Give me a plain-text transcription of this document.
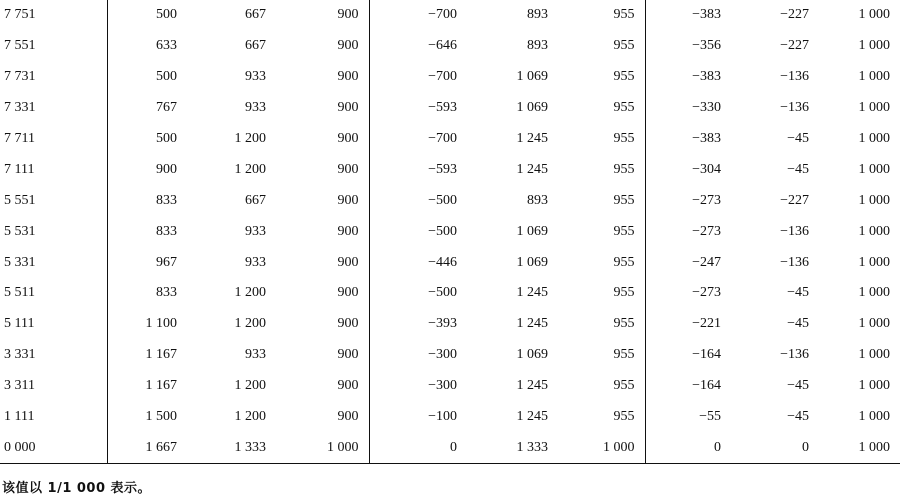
7 751	500	667	900	−700	893	955	−383	−227	1 000
7 551	633	667	900	−646	893	955	−356	−227	1 000
7 731	500	933	900	−700	1 069	955	−383	−136	1 000
7 331	767	933	900	−593	1 069	955	−330	−136	1 000
7 711	500	1 200	900	−700	1 245	955	−383	−45	1 000
7 111	900	1 200	900	−593	1 245	955	−304	−45	1 000
5 551	833	667	900	−500	893	955	−273	−227	1 000
5 531	833	933	900	−500	1 069	955	−273	−136	1 000
5 331	967	933	900	−446	1 069	955	−247	−136	1 000
5 511	833	1 200	900	−500	1 245	955	−273	−45	1 000
5 111	1 100	1 200	900	−393	1 245	955	−221	−45	1 000
3 331	1 167	933	900	−300	1 069	955	−164	−136	1 000
3 311	1 167	1 200	900	−300	1 245	955	−164	−45	1 000
1 111	1 500	1 200	900	−100	1 245	955	−55	−45	1 000
0 000	1 667	1 333	1 000	0	1 333	1 000	0	0	1 000
该值以 1/1 000 表示。
